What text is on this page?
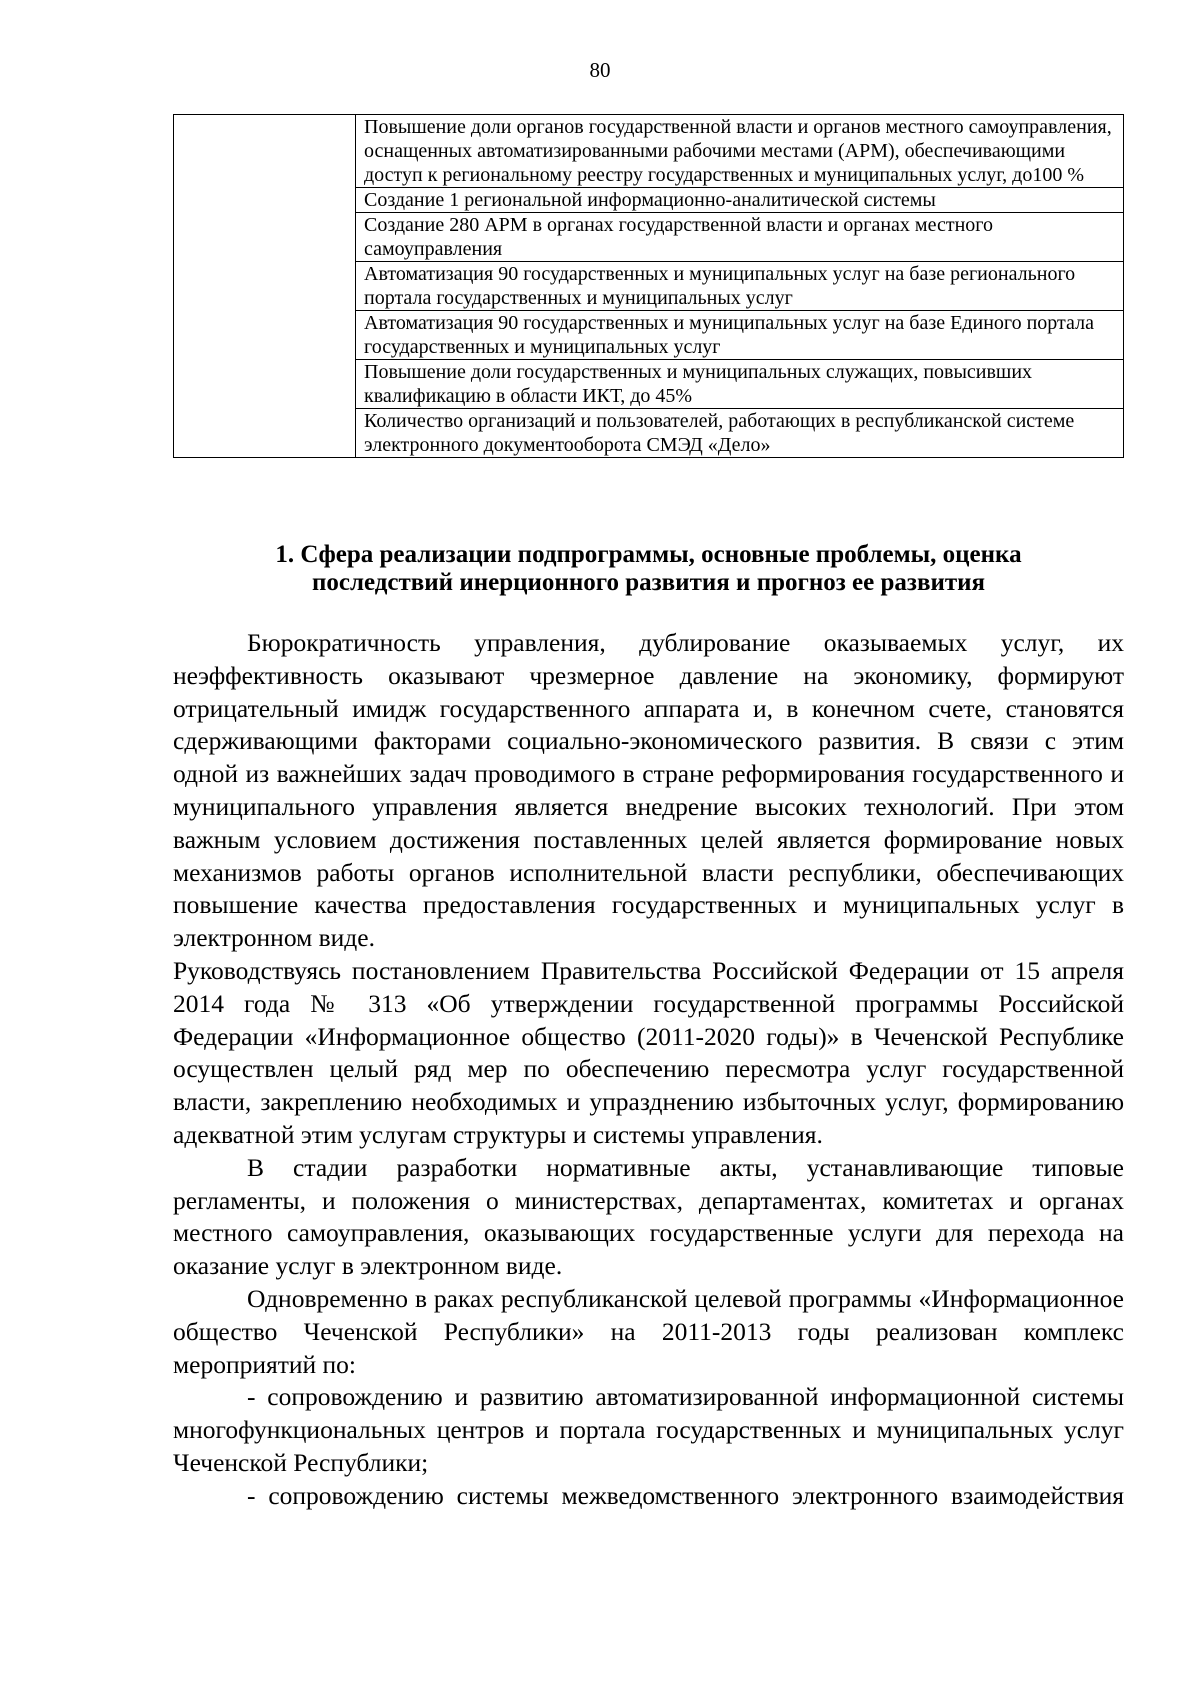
80
	Повышение доли органов государственной власти и органов местного самоуправления, оснащенных автоматизированными рабочими местами (АРМ), обеспечивающими доступ к региональному реестру государственных и муниципальных услуг, до100 %
Создание 1 региональной информационно-аналитической системы
Создание 280 АРМ в органах государственной власти и органах местного самоуправления
Автоматизация 90 государственных и муниципальных услуг на базе регионального портала государственных и муниципальных услуг
Автоматизация 90 государственных и муниципальных услуг на базе Единого портала государственных и муниципальных услуг
Повышение доли государственных и муниципальных служащих, повысивших квалификацию в области ИКТ, до 45%
Количество организаций и пользователей, работающих в республиканской системе электронного документооборота СМЭД «Дело»
1. Сфера реализации подпрограммы, основные проблемы, оценка
последствий инерционного развития и прогноз ее развития

Бюрократичность управления, дублирование оказываемых услуг, их неэффективность оказывают чрезмерное давление на экономику, формируют отрицательный имидж государственного аппарата и, в конечном счете, становятся сдерживающими факторами социально-экономического развития. В связи с этим одной из важнейших задач проводимого в стране реформирования государственного и муниципального управления является внедрение высоких технологий. При этом важным условием достижения поставленных целей является формирование новых механизмов работы органов исполнительной власти республики, обеспечивающих повышение качества предоставления государственных и муниципальных услуг в электронном виде.

Руководствуясь постановлением Правительства Российской Федерации от 15 апреля 2014 года № 313 «Об утверждении государственной программы Российской Федерации «Информационное общество (2011-2020 годы)» в Чеченской Республике осуществлен целый ряд мер по обеспечению пересмотра услуг государственной власти, закреплению необходимых и упразднению избыточных услуг, формированию адекватной этим услугам структуры и системы управления.

В стадии разработки нормативные акты, устанавливающие типовые регламенты, и положения о министерствах, департаментах, комитетах и органах местного самоуправления, оказывающих государственные услуги для перехода на оказание услуг в электронном виде.

Одновременно в раках республиканской целевой программы «Информационное общество Чеченской Республики» на 2011-2013 годы реализован комплекс мероприятий по:

- сопровождению и развитию автоматизированной информационной системы многофункциональных центров и портала государственных и муниципальных услуг Чеченской Республики;

- сопровождению системы межведомственного электронного взаимодействия
